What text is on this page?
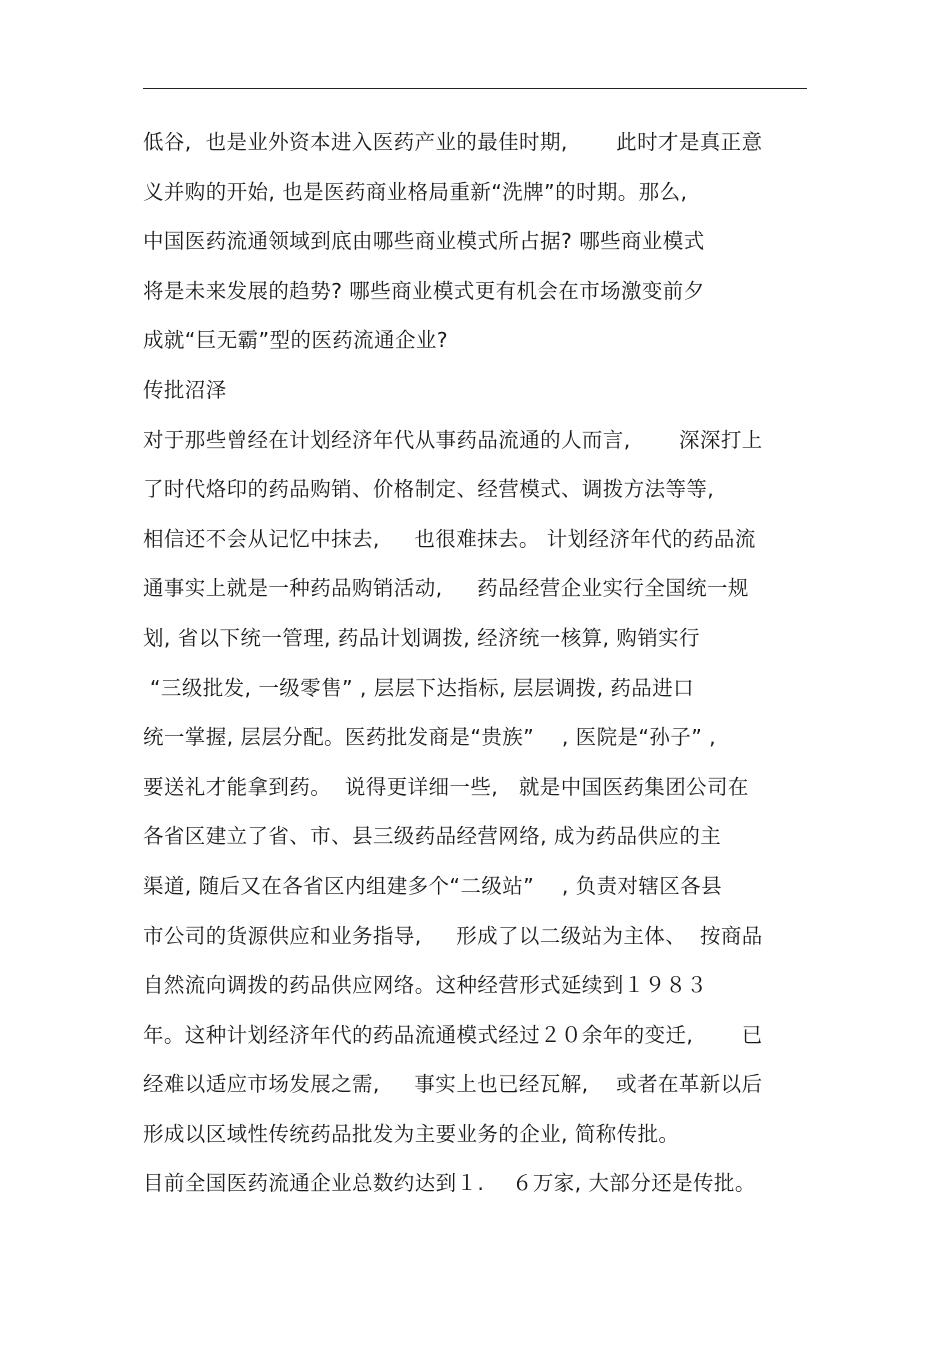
低谷,  也是业外资本进入医药产业的最佳时期,       此时才是真正意
义并购的开始, 也是医药商业格局重新“洗牌”的时期。那么,
中国医药流通领域到底由哪些商业模式所占据? 哪些商业模式
将是未来发展的趋势? 哪些商业模式更有机会在市场激变前夕
成就“巨无霸”型的医药流通企业?
传批沼泽
对于那些曾经在计划经济年代从事药品流通的人而言,       深深打上
了时代烙印的药品购销、价格制定、经营模式、调拨方法等等,
相信还不会从记忆中抹去,     也很难抹去。 计划经济年代的药品流
通事实上就是一种药品购销活动,     药品经营企业实行全国统一规
划, 省以下统一管理, 药品计划调拨, 经济统一核算, 购销实行
“三级批发, 一级零售” , 层层下达指标, 层层调拨, 药品进口
统一掌握, 层层分配。医药批发商是“贵族”    , 医院是“孙子” ,
要送礼才能拿到药。  说得更详细一些,   就是中国医药集团公司在
各省区建立了省、市、县三级药品经营网络, 成为药品供应的主
渠道, 随后又在各省区内组建多个“二级站”    , 负责对辖区各县
市公司的货源供应和业务指导,     形成了以二级站为主体、  按商品
自然流向调拨的药品供应网络。这种经营形式延续到１９８３
年。这种计划经济年代的药品流通模式经过２０余年的变迁,       已
经难以适应市场发展之需,     事实上也已经瓦解,    或者在革新以后
形成以区域性传统药品批发为主要业务的企业, 简称传批。
目前全国医药流通企业总数约达到１.    ６万家, 大部分还是传批。
